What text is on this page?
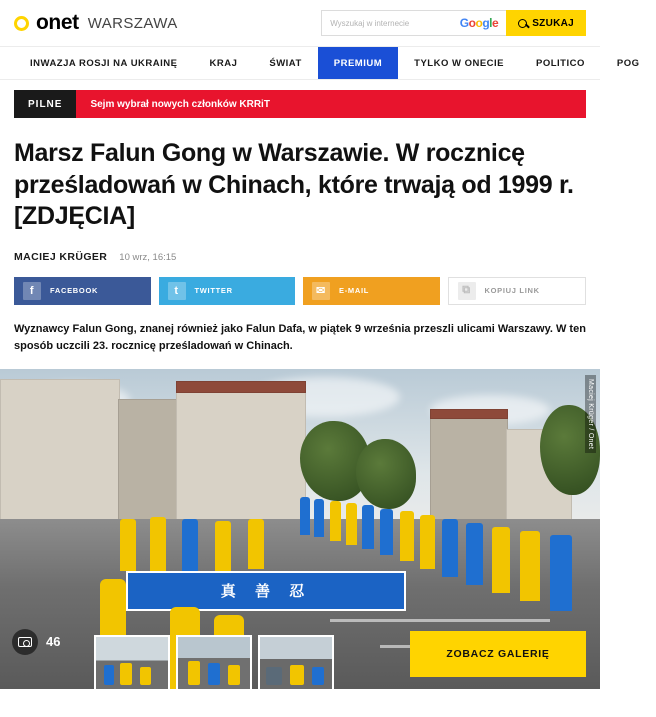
onet WARSZAWA	Wyszukaj w internecie	Google	SZUKAJ
INWAZJA ROSJI NA UKRAINĘ	KRAJ	ŚWIAT	PREMIUM	TYLKO W ONECIE	POLITICO	POG
PILNE	Sejm wybrał nowych członków KRRiT
Marsz Falun Gong w Warszawie. W rocznicę prześladowań w Chinach, które trwają od 1999 r. [ZDJĘCIA]
MACIEJ KRÜGER 10 wrz, 16:15
f	FACEBOOK	t	TWITTER	✉	E-MAIL	⧉	KOPIUJ LINK

Wyznawcy Falun Gong, znanej również jako Falun Dafa, w piątek 9 września przeszli ulicami Warszawy. W ten sposób uczcili 23. rocznicę prześladowań w Chinach.

真 善 忍
Maciej Krüger / Onet
46
ZOBACZ GALERIĘ
